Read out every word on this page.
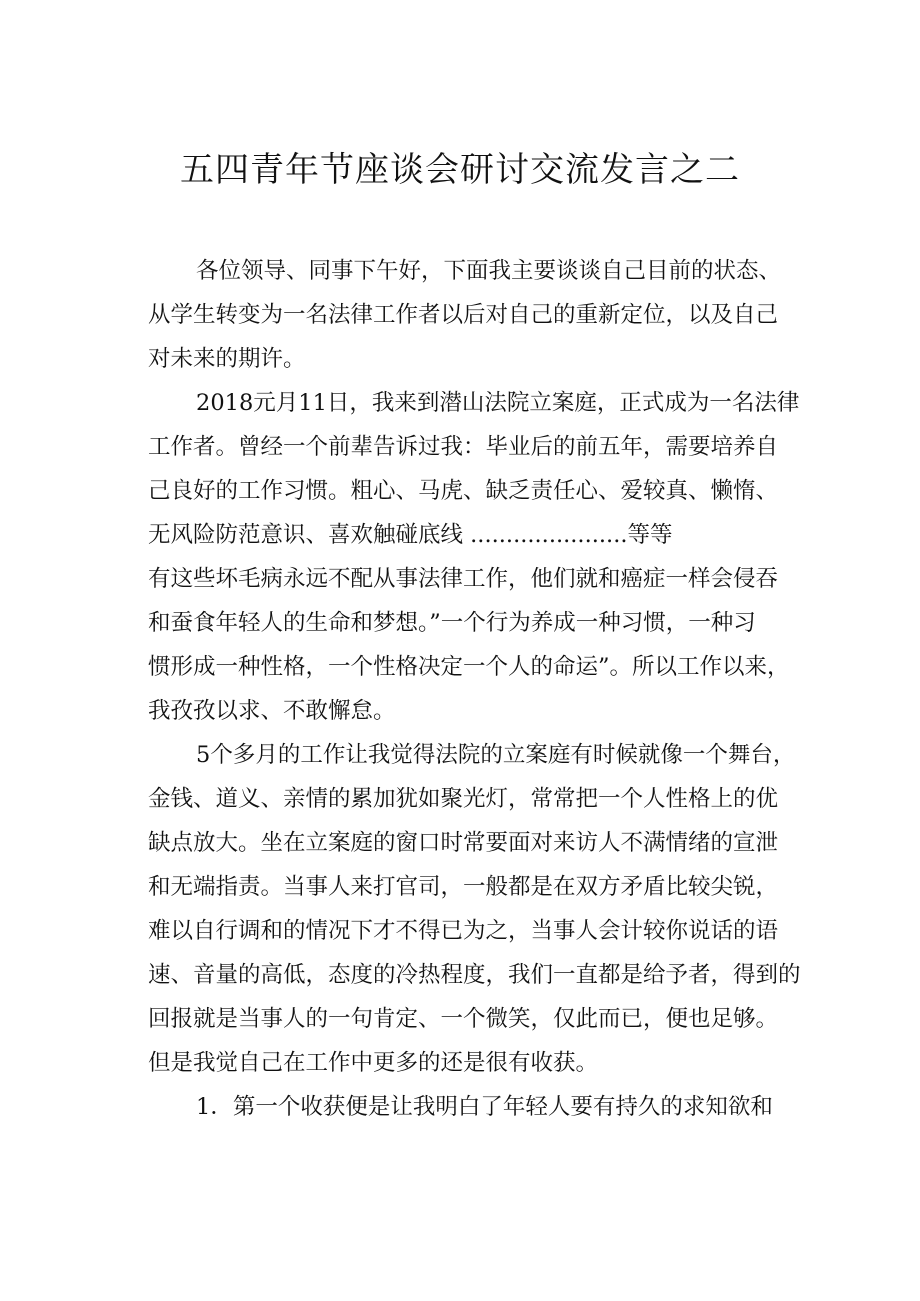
五四青年节座谈会研讨交流发言之二

各位领导、同事下午好，下面我主要谈谈自己目前的状态、

从学生转变为一名法律工作者以后对自己的重新定位，以及自己

对未来的期许。

2018元月11日，我来到潜山法院立案庭，正式成为一名法律

工作者。曾经一个前辈告诉过我：毕业后的前五年，需要培养自

己良好的工作习惯。粗心、马虎、缺乏责任心、爱较真、懒惰、

无风险防范意识、喜欢触碰底线 ......................等等

有这些坏毛病永远不配从事法律工作，他们就和癌症一样会侵吞

和蚕食年轻人的生命和梦想。”一个行为养成一种习惯，一种习

惯形成一种性格，一个性格决定一个人的命运”。所以工作以来，

我孜孜以求、不敢懈怠。

5个多月的工作让我觉得法院的立案庭有时候就像一个舞台，

金钱、道义、亲情的累加犹如聚光灯，常常把一个人性格上的优

缺点放大。坐在立案庭的窗口时常要面对来访人不满情绪的宣泄

和无端指责。当事人来打官司，一般都是在双方矛盾比较尖锐，

难以自行调和的情况下才不得已为之，当事人会计较你说话的语

速、音量的高低，态度的冷热程度，我们一直都是给予者，得到的

回报就是当事人的一句肯定、一个微笑，仅此而已，便也足够。

但是我觉自己在工作中更多的还是很有收获。

1．第一个收获便是让我明白了年轻人要有持久的求知欲和
